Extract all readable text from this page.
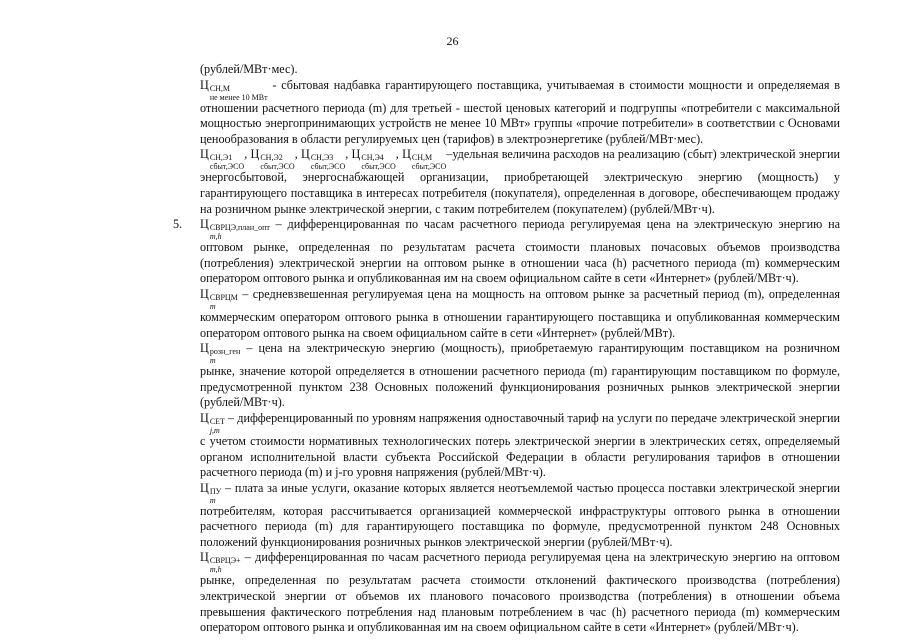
26

(рублей/МВт·мес).

Ц СН,М
не менее 10 МВт
- сбытовая надбавка гарантирующего поставщика, учитываемая в стоимости мощности и определяемая в отношении расчетного периода (m) для третьей - шестой ценовых категорий и подгруппы «потребители с максимальной мощностью энергопринимающих устройств не менее 10 МВт» группы «прочие потребители» в соответствии с Основами ценообразования в области регулируемых цен (тарифов) в электроэнергетике (рублей/МВт·мес).

Ц СН,Э1
сбыт,ЭСО
, Ц СН,Э2
сбыт,ЭСО
, Ц СН,Э3
сбыт,ЭСО
, Ц СН,Э4
сбыт,ЭСО
, Ц СН,М
сбыт,ЭСО
–удельная величина расходов на реализацию (сбыт) электрической энергии энергосбытовой, энергоснабжающей организации, приобретающей электрическую энергию (мощность) у гарантирующего поставщика в интересах потребителя (покупателя), определенная в договоре, обеспечивающем продажу на розничном рынке электрической энергии, с таким потребителем (покупателем) (рублей/МВт·ч).

5. Ц СВРЦЭ,план_опт
m,h
– дифференцированная по часам расчетного периода регулируемая цена на электрическую энергию на оптовом рынке, определенная по результатам расчета стоимости плановых почасовых объемов производства (потребления) электрической энергии на оптовом рынке в отношении часа (h) расчетного периода (m) коммерческим оператором оптового рынка и опубликованная им на своем официальном сайте в сети «Интернет» (рублей/МВт·ч).

Ц СВРЦМ
m
– средневзвешенная регулируемая цена на мощность на оптовом рынке за расчетный период (m), определенная коммерческим оператором оптового рынка в отношении гарантирующего поставщика и опубликованная коммерческим оператором оптового рынка на своем официальном сайте в сети «Интернет» (рублей/МВт).

Ц розн_ген
m
– цена на электрическую энергию (мощность), приобретаемую гарантирующим поставщиком на розничном рынке, значение которой определяется в отношении расчетного периода (m) гарантирующим поставщиком по формуле, предусмотренной пунктом 238 Основных положений функционирования розничных рынков электрической энергии (рублей/МВт·ч).

Ц СЕТ
j,m
– дифференцированный по уровням напряжения одноставочный тариф на услуги по передаче электрической энергии с учетом стоимости нормативных технологических потерь электрической энергии в электрических сетях, определяемый органом исполнительной власти субъекта Российской Федерации в области регулирования тарифов в отношении расчетного периода (m) и j-го уровня напряжения (рублей/МВт·ч).

Ц ПУ
m
– плата за иные услуги, оказание которых является неотъемлемой частью процесса поставки электрической энергии потребителям, которая рассчитывается организацией коммерческой инфраструктуры оптового рынка в отношении расчетного периода (m) для гарантирующего поставщика по формуле, предусмотренной пунктом 248 Основных положений функционирования розничных рынков электрической энергии (рублей/МВт·ч).

Ц СВРЦЭ+
m,h
– дифференцированная по часам расчетного периода регулируемая цена на электрическую энергию на оптовом рынке, определенная по результатам расчета стоимости отклонений фактического производства (потребления) электрической энергии от объемов их планового почасового производства (потребления) в отношении объема превышения фактического потребления над плановым потреблением в час (h) расчетного периода (m) коммерческим оператором оптового рынка и опубликованная им на своем официальном сайте в сети «Интернет» (рублей/МВт·ч).
